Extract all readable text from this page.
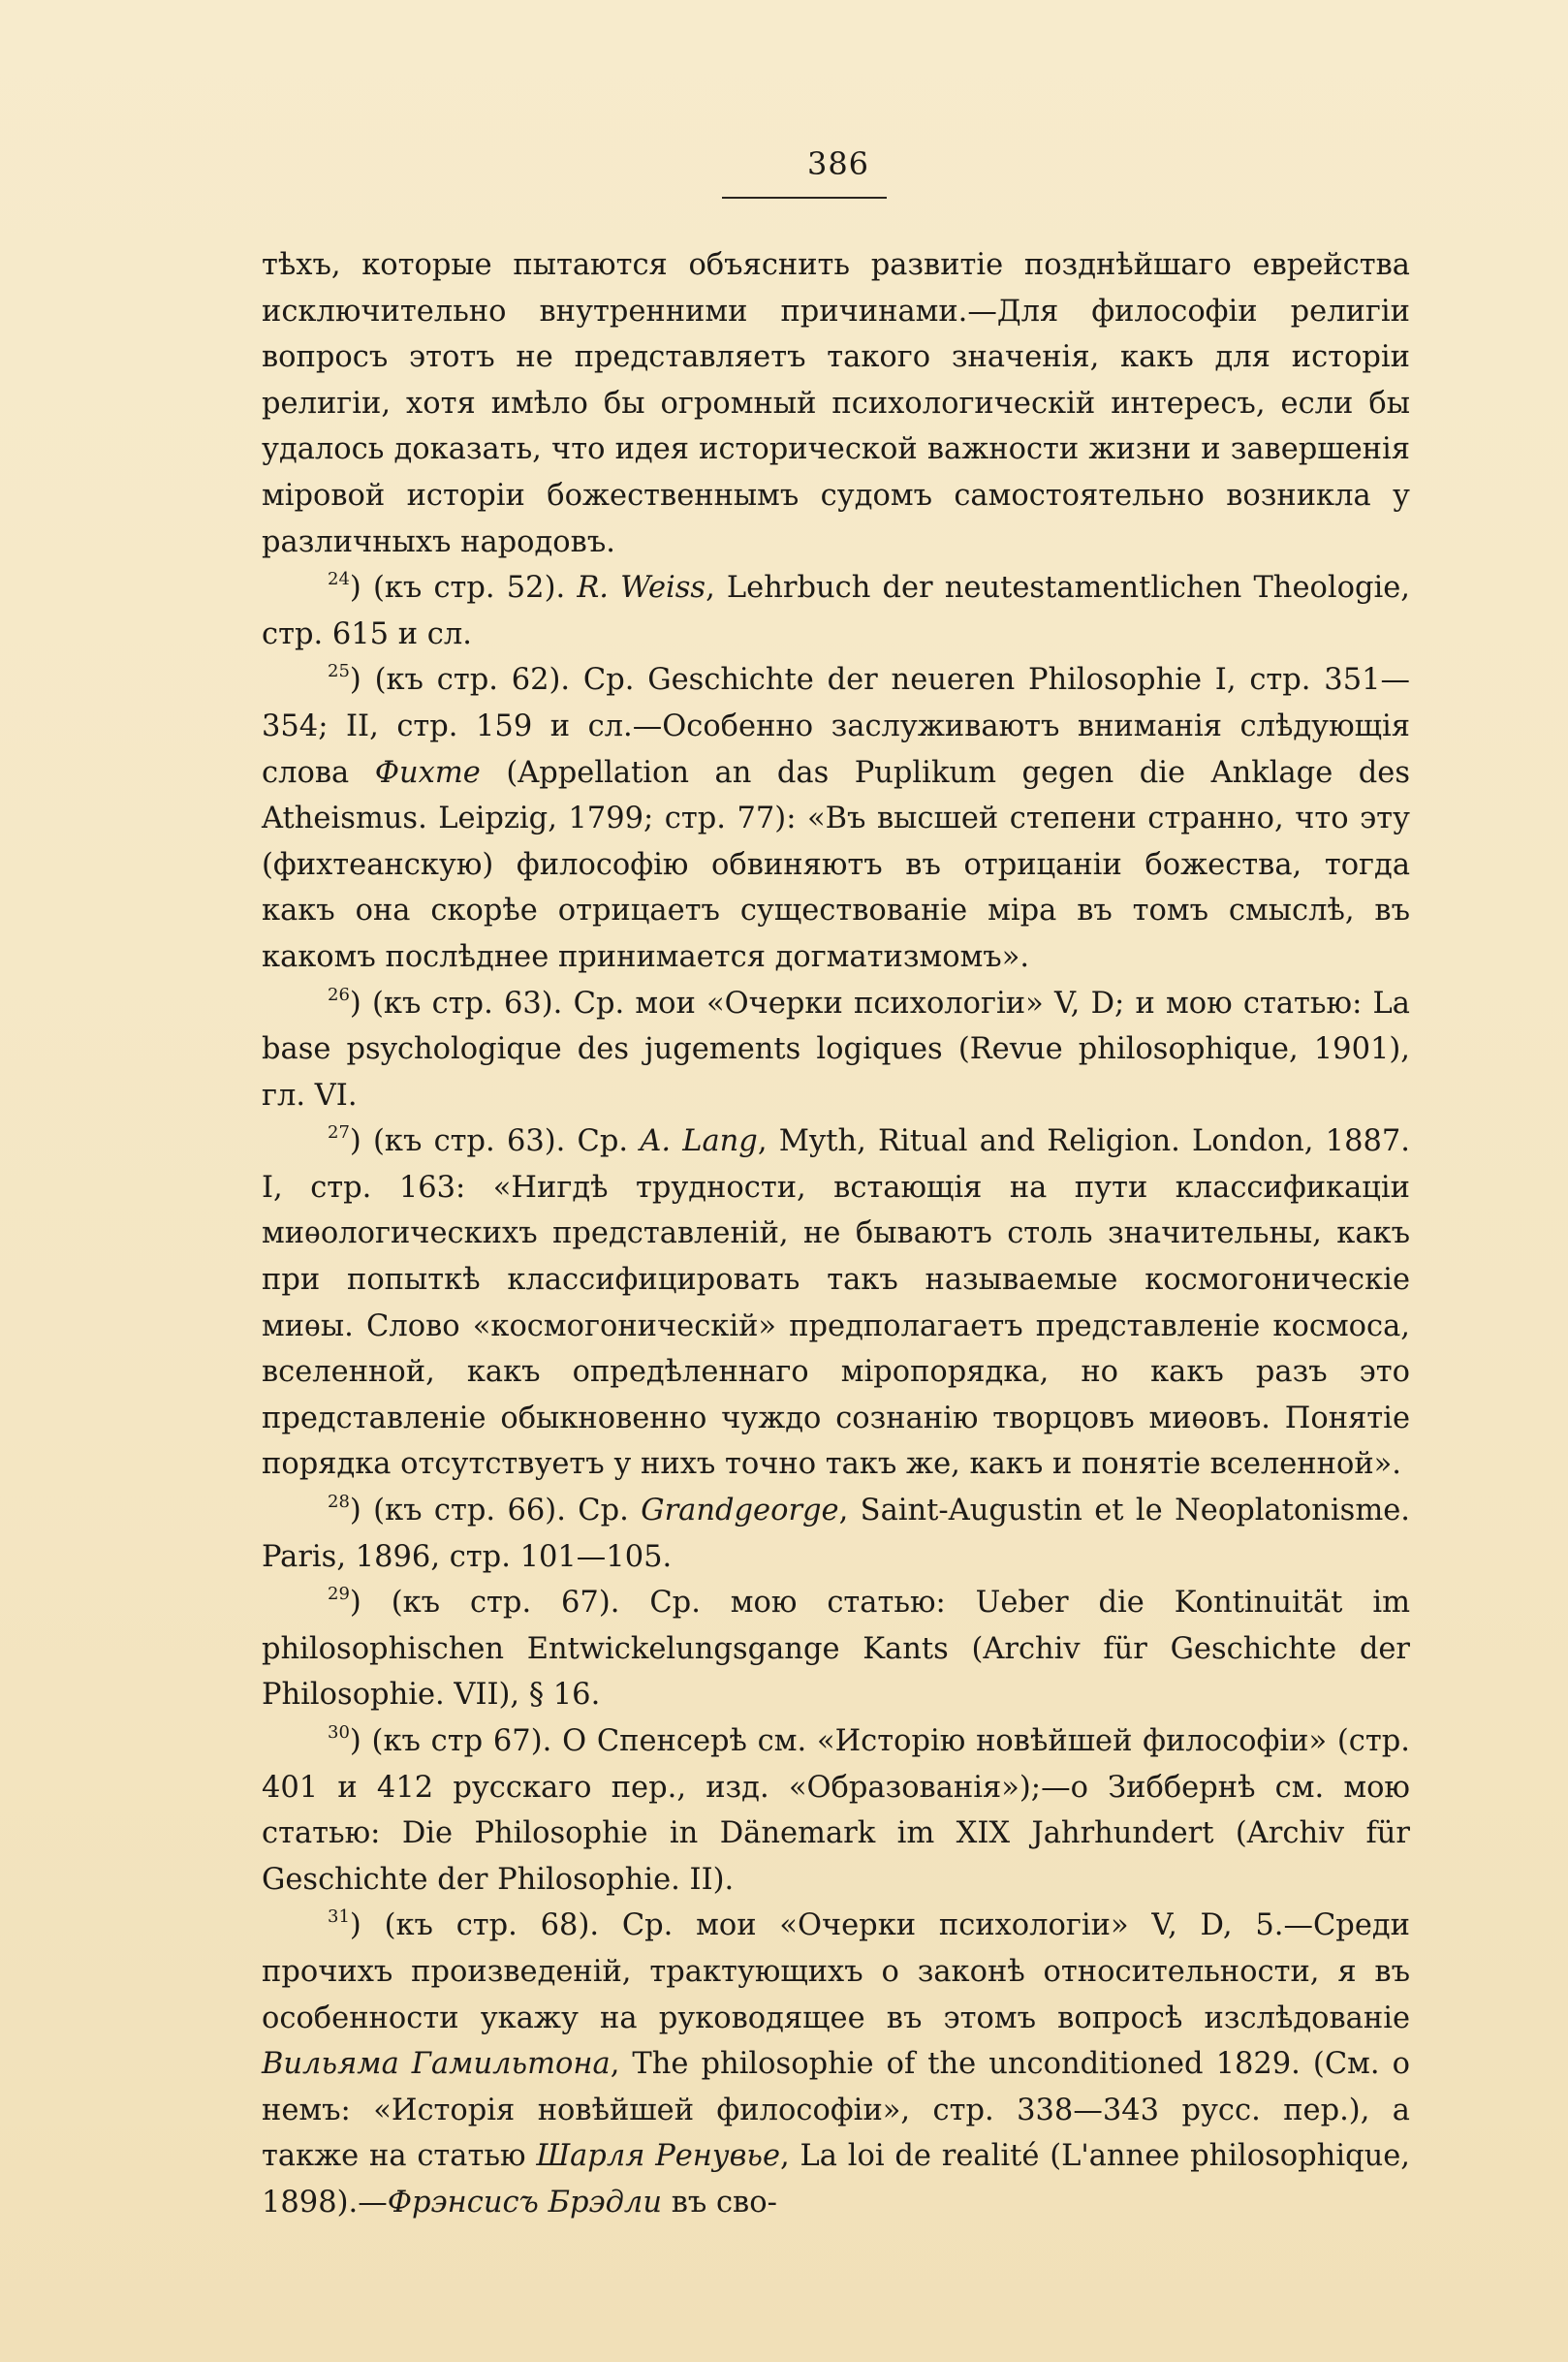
386

тѣхъ, которые пытаются объяснить развитіе позднѣйшаго еврейства исключительно внутренними причинами.—Для философіи религіи вопросъ этотъ не представляетъ такого значенія, какъ для исторіи религіи, хотя имѣло бы огромный психологическій интересъ, если бы удалось доказать, что идея исторической важности жизни и завершенія міровой исторіи божественнымъ судомъ самостоятельно возникла у различныхъ народовъ.

$^{24}$) (къ стр. 52). R. Weiss, Lehrbuch der neutestamentlichen Theologie, стр. 615 и сл.

$^{25}$) (къ стр. 62). Ср. Geschichte der neueren Philosophie I, стр. 351—354; II, стр. 159 и сл.—Особенно заслуживаютъ вниманія слѣдующія слова Фихте (Appellation an das Puplikum gegen die Anklage des Atheismus. Leipzig, 1799; стр. 77): «Въ высшей степени странно, что эту (фихтеанскую) философію обвиняютъ въ отрицаніи божества, тогда какъ она скорѣе отрицаетъ существованіе міра въ томъ смыслѣ, въ какомъ послѣднее принимается догматизмомъ».

$^{26}$) (къ стр. 63). Ср. мои «Очерки психологіи» V, D; и мою статью: La base psychologique des jugements logiques (Revue philosophique, 1901), гл. VI.

$^{27}$) (къ стр. 63). Ср. A. Lang, Myth, Ritual and Religion. London, 1887. I, стр. 163: «Нигдѣ трудности, встающія на пути классификаціи миѳологическихъ представленій, не бываютъ столь значительны, какъ при попыткѣ классифицировать такъ называемые космогоническіе миѳы. Слово «космогоническій» предполагаетъ представленіе космоса, вселенной, какъ опредѣленнаго міропорядка, но какъ разъ это представленіе обыкновенно чуждо сознанію творцовъ миѳовъ. Понятіе порядка отсутствуетъ у нихъ точно такъ же, какъ и понятіе вселенной».

$^{28}$) (къ стр. 66). Ср. Grandgeorge, Saint-Augustin et le Neoplatonisme. Paris, 1896, стр. 101—105.

$^{29}$) (къ стр. 67). Ср. мою статью: Ueber die Kontinuität im philosophischen Entwickelungsgange Kants (Archiv für Geschichte der Philosophie. VII), § 16.

$^{30}$) (къ стр 67). О Спенсерѣ см. «Исторію новѣйшей философіи» (стр. 401 и 412 русскаго пер., изд. «Образованія»);—о Зиббернѣ см. мою статью: Die Philosophie in Dänemark im XIX Jahrhundert (Archiv für Geschichte der Philosophie. II).

$^{31}$) (къ стр. 68). Ср. мои «Очерки психологіи» V, D, 5.—Среди прочихъ произведеній, трактующихъ о законѣ относительности, я въ особенности укажу на руководящее въ этомъ вопросѣ изслѣдованіе Вильяма Гамильтона, The philosophie of the unconditioned 1829. (См. о немъ: «Исторія новѣйшей философіи», стр. 338—343 русс. пер.), а также на статью Шарля Ренувье, La loi de realité (L'annee philosophique, 1898).—Фрэнсисъ Брэдли въ сво-
